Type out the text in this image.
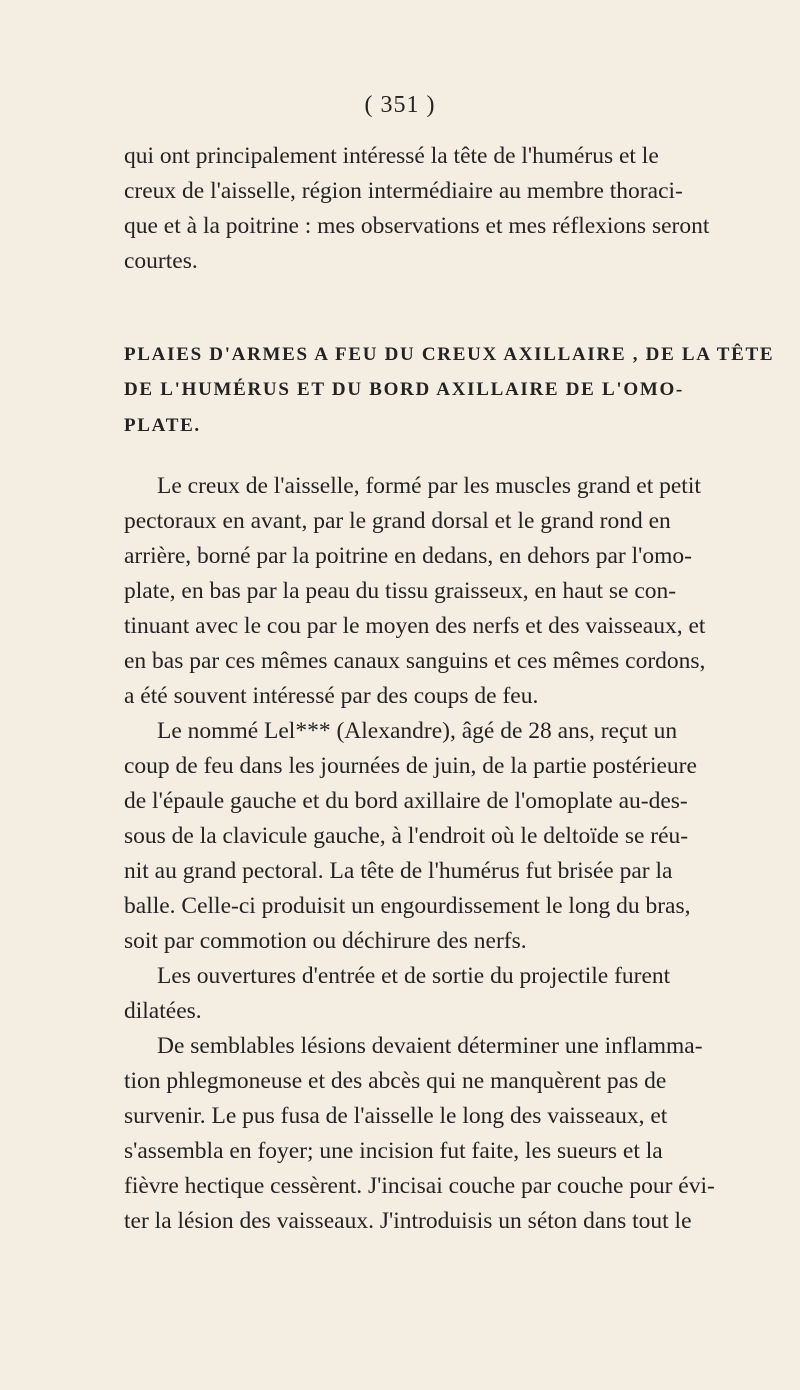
( 351 )
qui ont principalement intéressé la tête de l'humérus et le
creux de l'aisselle, région intermédiaire au membre thoraci-
que et à la poitrine : mes observations et mes réflexions seront
courtes.
PLAIES D'ARMES A FEU DU CREUX AXILLAIRE , DE LA TÊTE
DE L'HUMÉRUS ET DU BORD AXILLAIRE DE L'OMO-
PLATE.
Le creux de l'aisselle, formé par les muscles grand et petit
pectoraux en avant, par le grand dorsal et le grand rond en
arrière, borné par la poitrine en dedans, en dehors par l'omo-
plate, en bas par la peau du tissu graisseux, en haut se con-
tinuant avec le cou par le moyen des nerfs et des vaisseaux, et
en bas par ces mêmes canaux sanguins et ces mêmes cordons,
a été souvent intéressé par des coups de feu.
Le nommé Lel*** (Alexandre), âgé de 28 ans, reçut un
coup de feu dans les journées de juin, de la partie postérieure
de l'épaule gauche et du bord axillaire de l'omoplate au-des-
sous de la clavicule gauche, à l'endroit où le deltoïde se réu-
nit au grand pectoral. La tête de l'humérus fut brisée par la
balle. Celle-ci produisit un engourdissement le long du bras,
soit par commotion ou déchirure des nerfs.
Les ouvertures d'entrée et de sortie du projectile furent
dilatées.
De semblables lésions devaient déterminer une inflamma-
tion phlegmoneuse et des abcès qui ne manquèrent pas de
survenir. Le pus fusa de l'aisselle le long des vaisseaux, et
s'assembla en foyer; une incision fut faite, les sueurs et la
fièvre hectique cessèrent. J'incisai couche par couche pour évi-
ter la lésion des vaisseaux. J'introduisis un séton dans tout le
